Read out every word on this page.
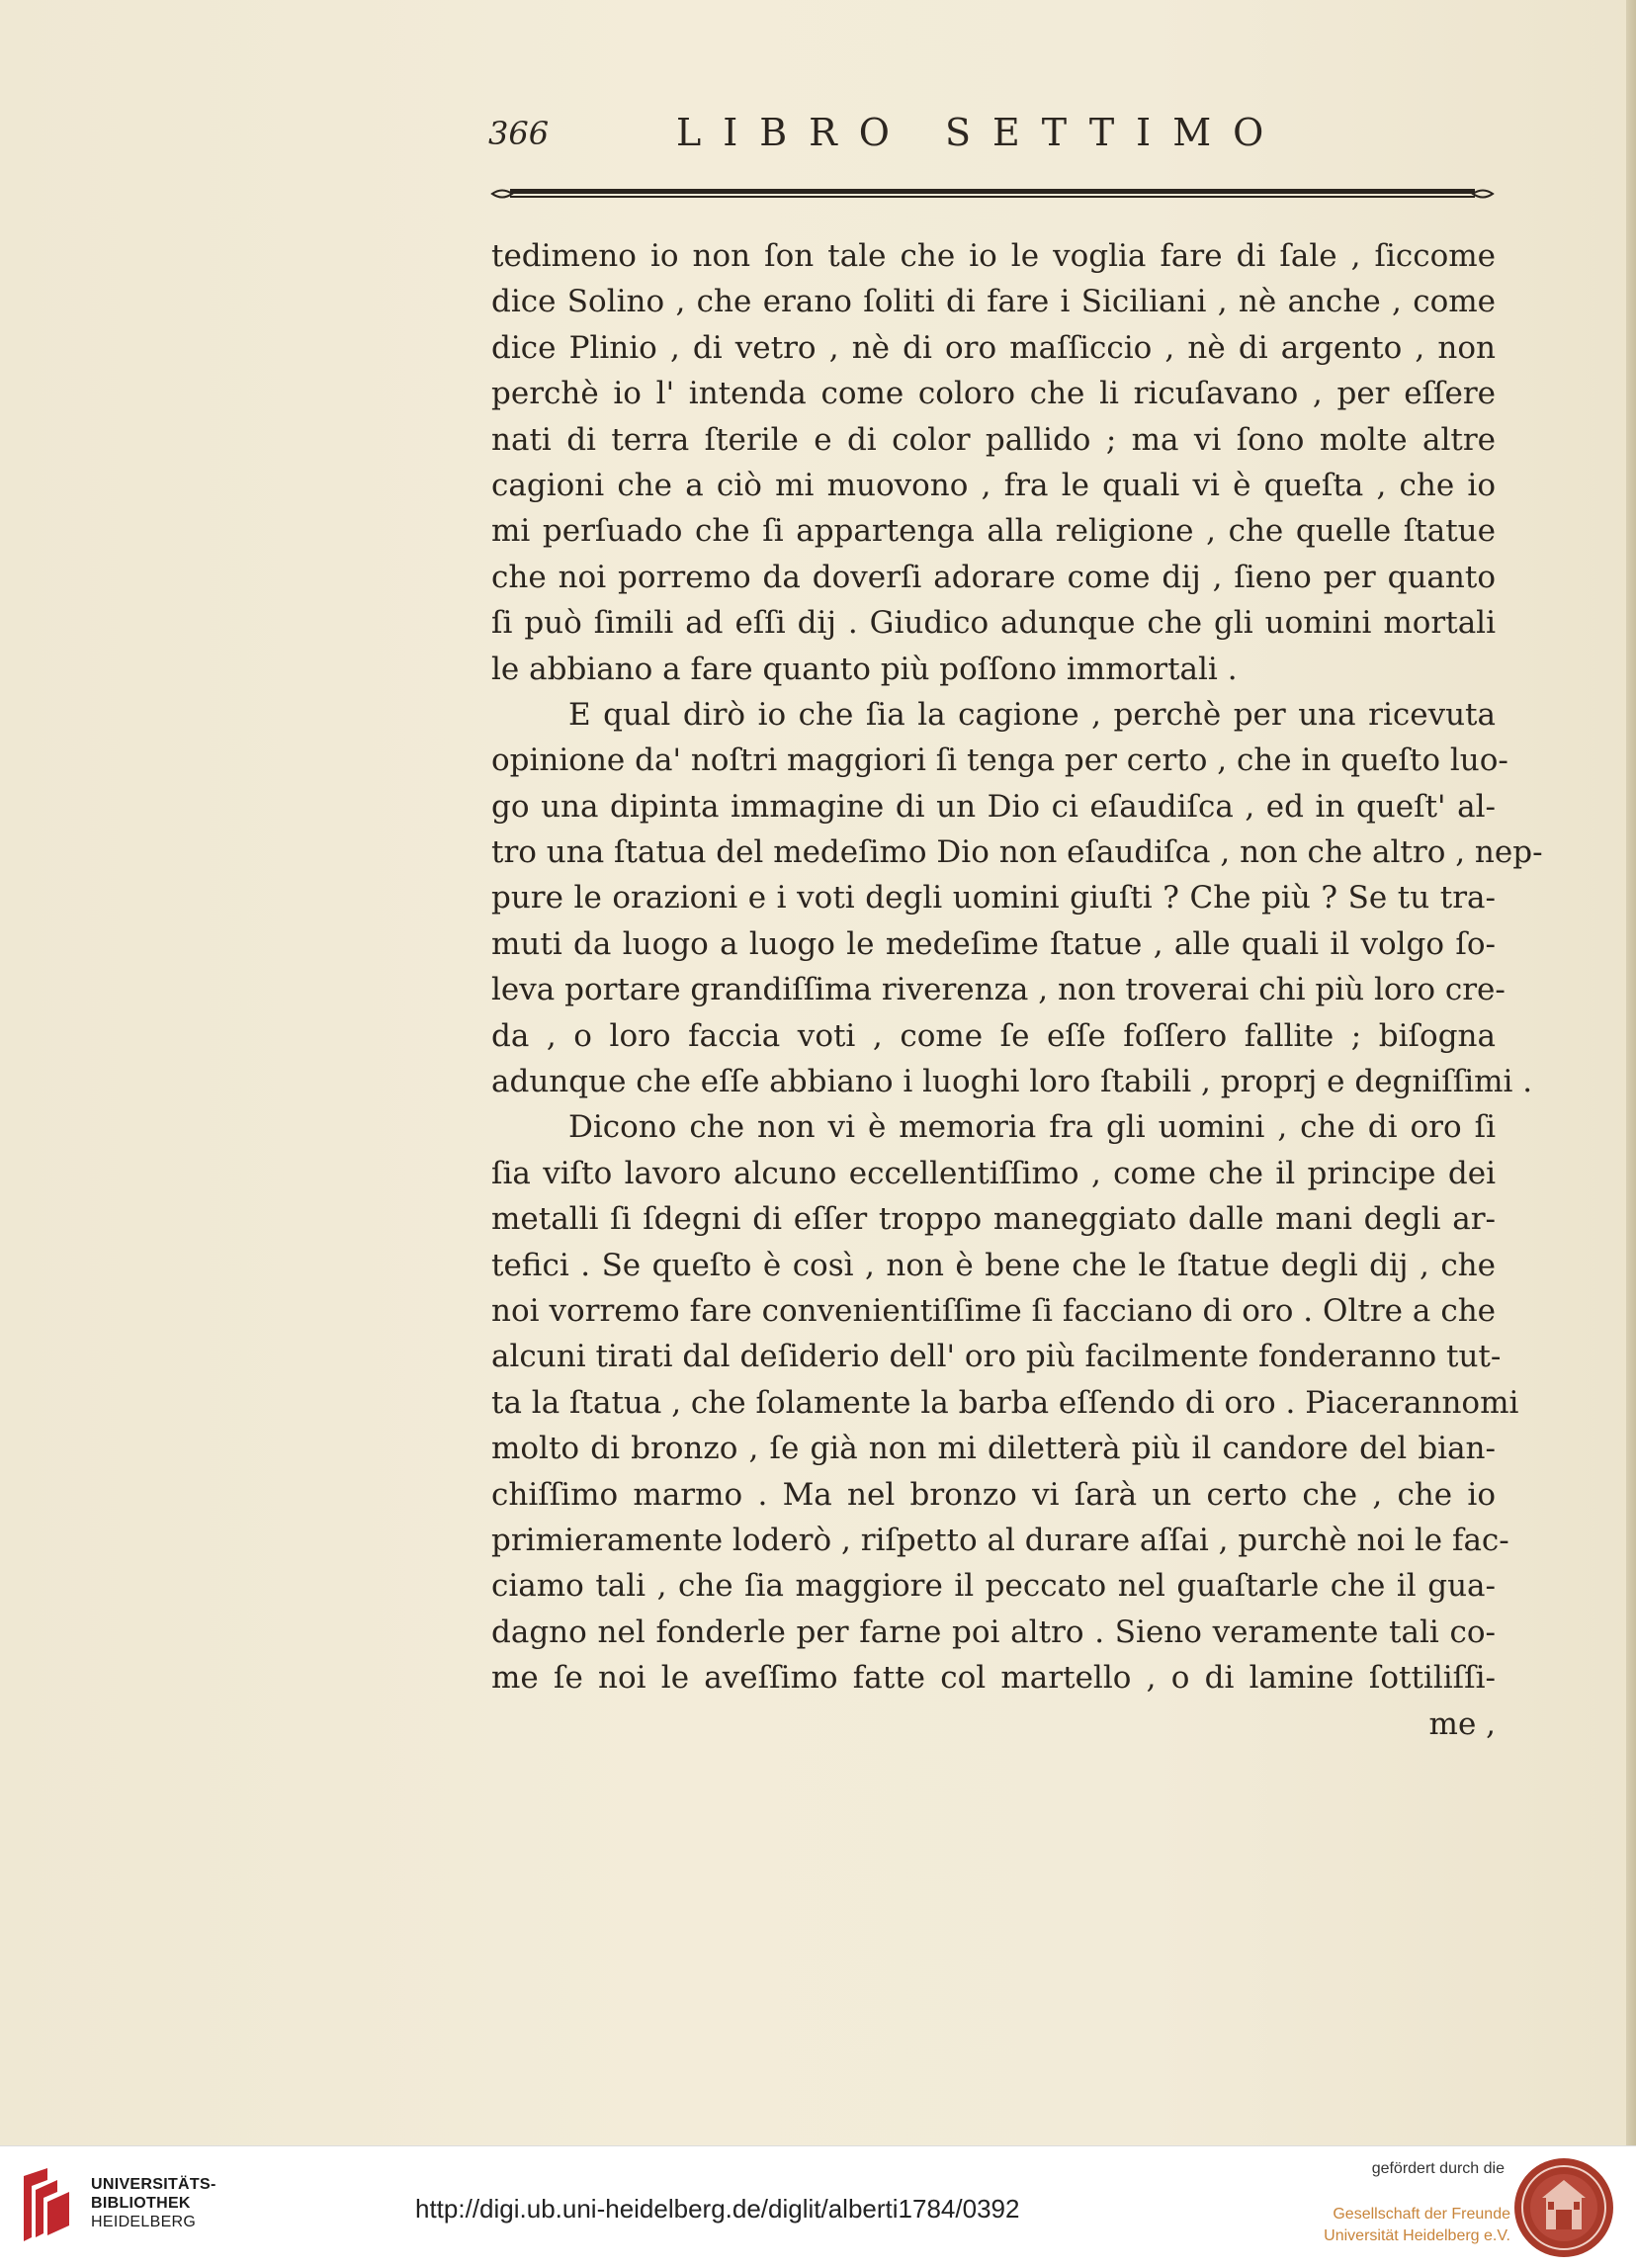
366	LIBRO SETTIMO
tedimeno io non ſon tale che io le voglia fare di ſale , ſiccome
dice Solino , che erano ſoliti di fare i Siciliani , nè anche , come
dice Plinio , di vetro , nè di oro maſſiccio , nè di argento , non
perchè io l' intenda come coloro che li ricuſavano , per eſſere
nati di terra ſterile e di color pallido ; ma vi ſono molte altre
cagioni che a ciò mi muovono , fra le quali vi è queſta , che io
mi perſuado che ſi appartenga alla religione , che quelle ſtatue
che noi porremo da doverſi adorare come dij , ſieno per quanto
ſi può ſimili ad eſſi dij . Giudico adunque che gli uomini mortali
le abbiano a fare quanto più poſſono immortali .
E qual dirò io che ſia la cagione , perchè per una ricevuta
opinione da' noſtri maggiori ſi tenga per certo , che in queſto luo-
go una dipinta immagine di un Dio ci eſaudiſca , ed in queſt' al-
tro una ſtatua del medeſimo Dio non eſaudiſca , non che altro , nep-
pure le orazioni e i voti degli uomini giuſti ? Che più ? Se tu tra-
muti da luogo a luogo le medeſime ſtatue , alle quali il volgo ſo-
leva portare grandiſſima riverenza , non troverai chi più loro cre-
da , o loro faccia voti , come ſe eſſe foſſero fallite ; biſogna
adunque che eſſe abbiano i luoghi loro ſtabili , proprj e degniſſimi .
Dicono che non vi è memoria fra gli uomini , che di oro ſi
ſia viſto lavoro alcuno eccellentiſſimo , come che il principe dei
metalli ſi ſdegni di eſſer troppo maneggiato dalle mani degli ar-
tefici . Se queſto è così , non è bene che le ſtatue degli dij , che
noi vorremo fare convenientiſſime ſi facciano di oro . Oltre a che
alcuni tirati dal deſiderio dell' oro più facilmente fonderanno tut-
ta la ſtatua , che ſolamente la barba eſſendo di oro . Piacerannomi
molto di bronzo , ſe già non mi diletterà più il candore del bian-
chiſſimo marmo . Ma nel bronzo vi ſarà un certo che , che io
primieramente loderò , riſpetto al durare aſſai , purchè noi le fac-
ciamo tali , che ſia maggiore il peccato nel guaſtarle che il gua-
dagno nel fonderle per farne poi altro . Sieno veramente tali co-
me ſe noi le aveſſimo fatte col martello , o di lamine ſottiliſſi-
me ,
UNIVERSITÄTS-
BIBLIOTHEK
HEIDELBERG	http://digi.ub.uni-heidelberg.de/diglit/alberti1784/0392
gefördert durch die
Gesellschaft der Freunde
Universität Heidelberg e.V.
